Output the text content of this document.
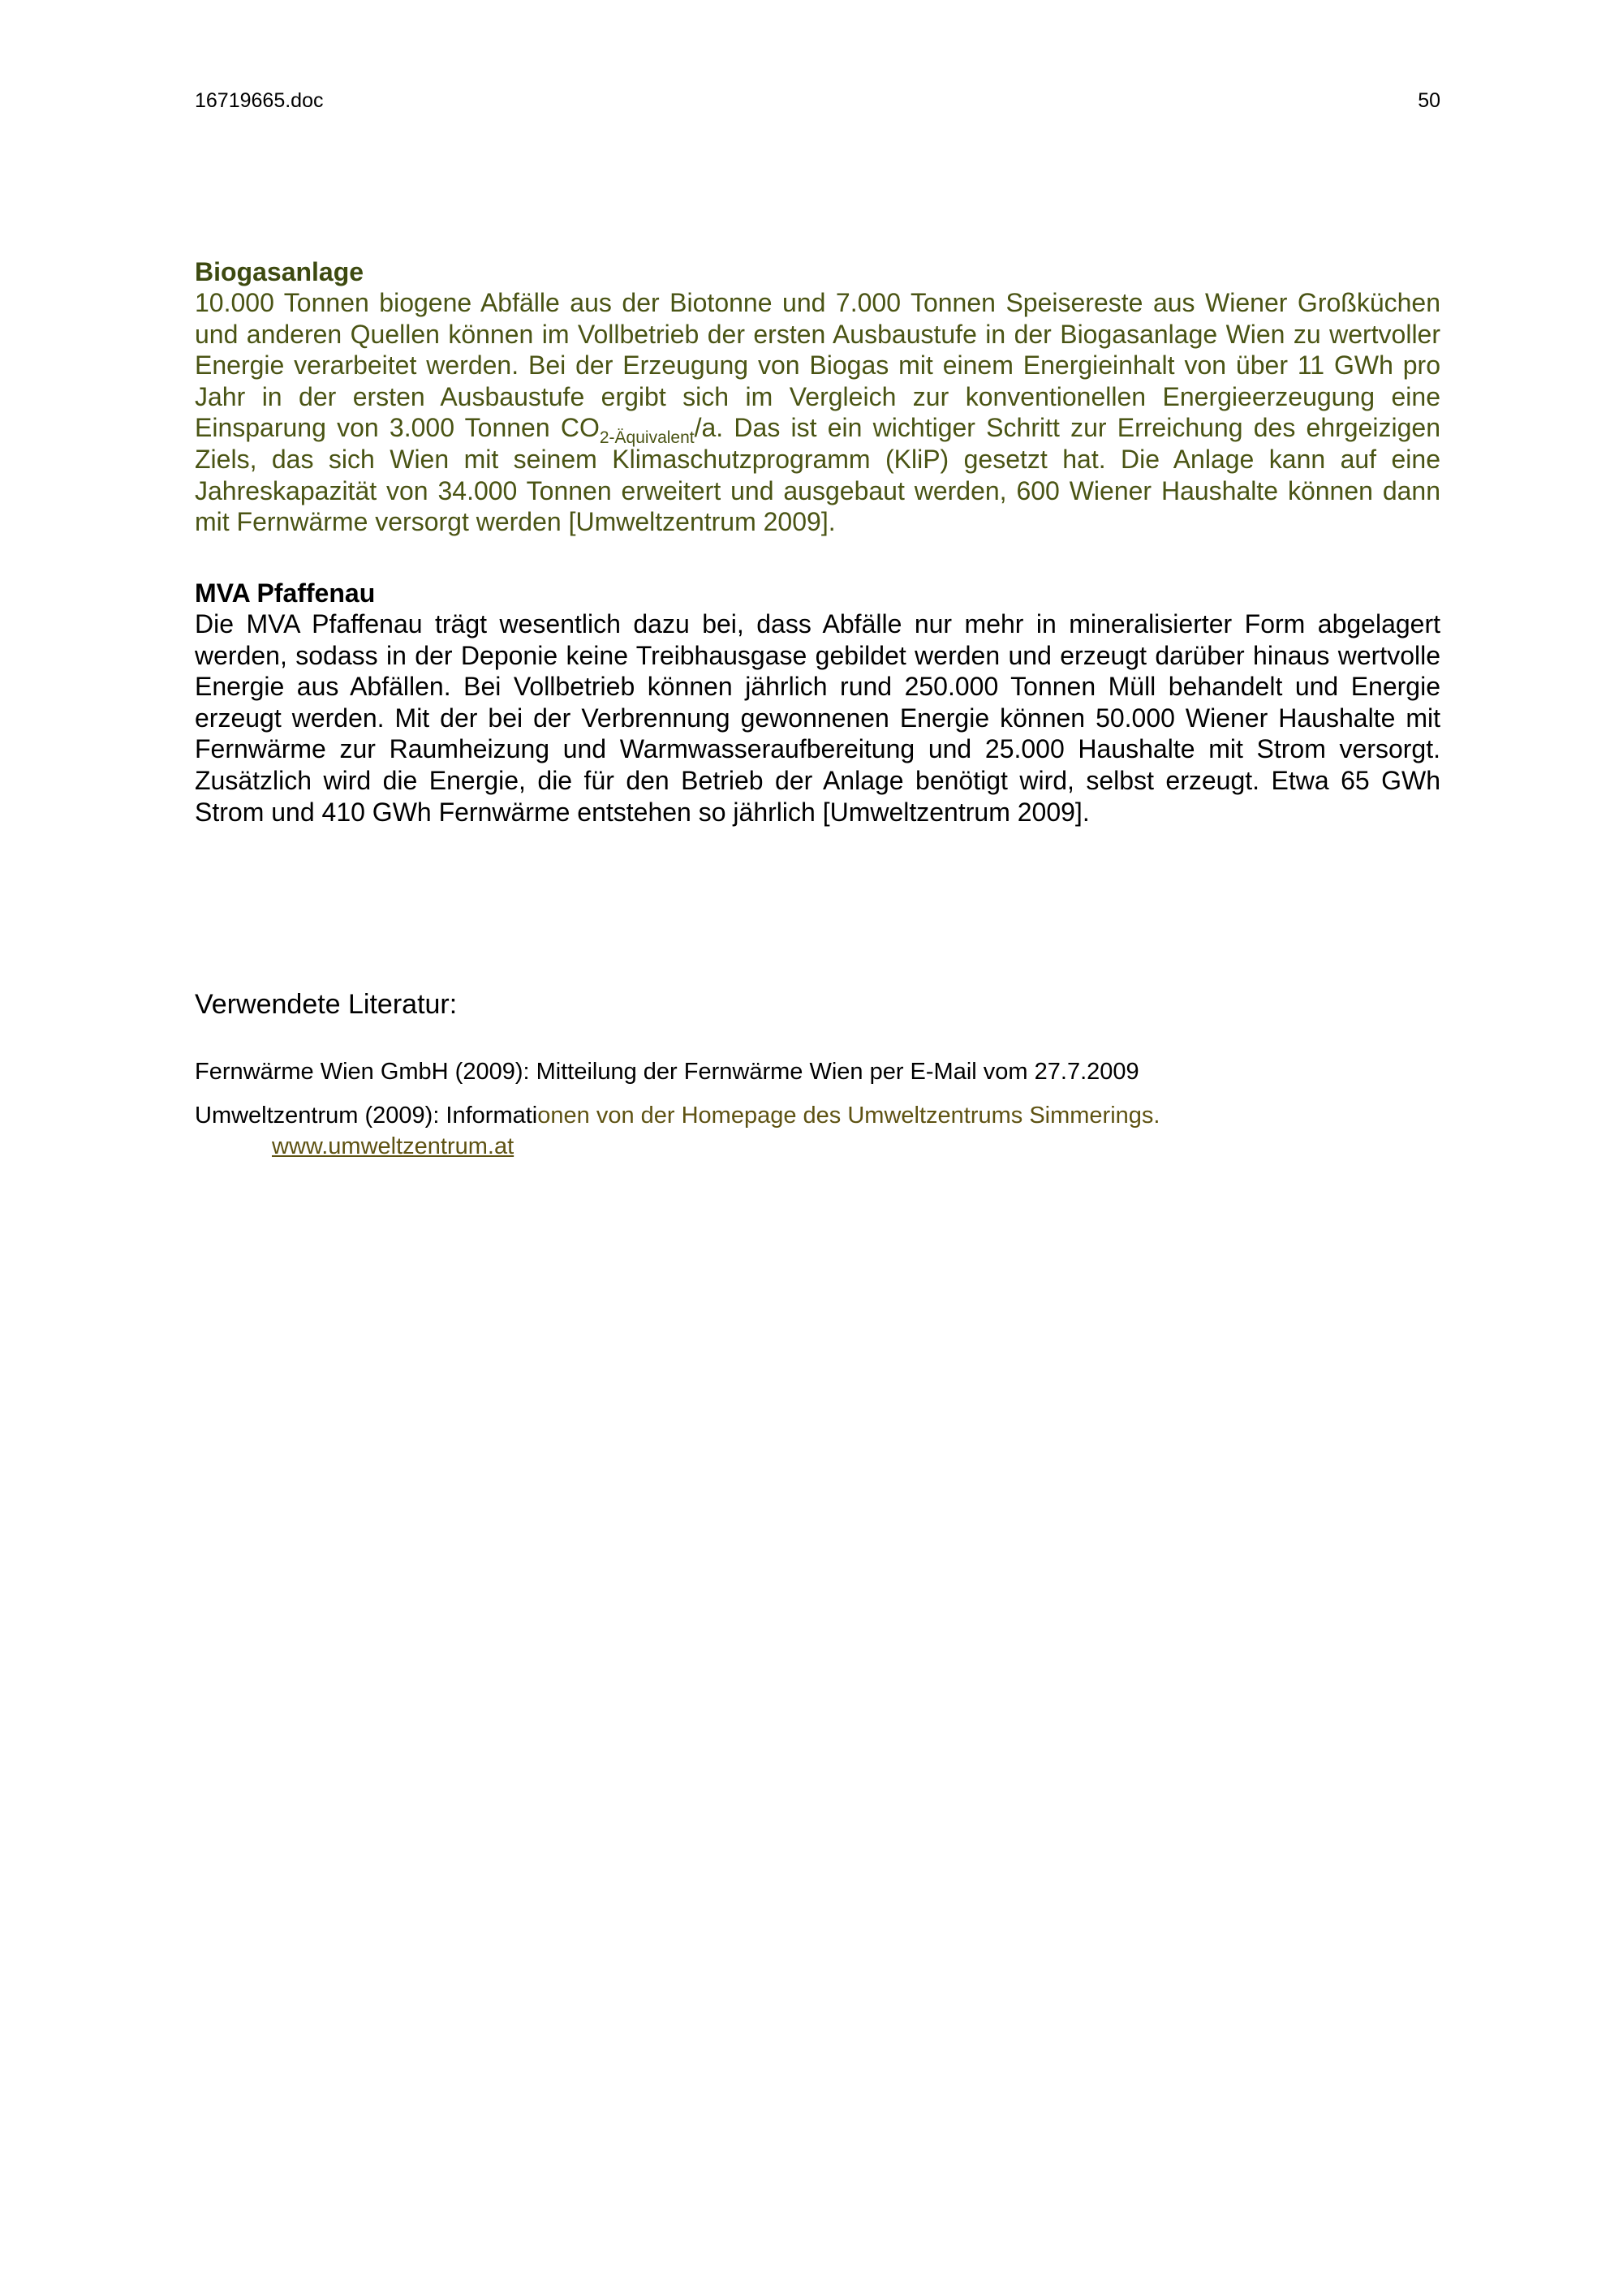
16719665.doc	50
Biogasanlage

10.000 Tonnen biogene Abfälle aus der Biotonne und 7.000 Tonnen Speisereste aus Wiener Großküchen und anderen Quellen können im Vollbetrieb der ersten Ausbaustufe in der Biogasanlage Wien zu wertvoller Energie verarbeitet werden. Bei der Erzeugung von Biogas mit einem Energieinhalt von über 11 GWh pro Jahr in der ersten Ausbaustufe ergibt sich im Vergleich zur konventionellen Energieerzeugung eine Einsparung von 3.000 Tonnen $CO_{2-Äquivalent}/a$. Das ist ein wichtiger Schritt zur Erreichung des ehrgeizigen Ziels, das sich Wien mit seinem Klimaschutzprogramm (KliP) gesetzt hat. Die Anlage kann auf eine Jahreskapazität von 34.000 Tonnen erweitert und ausgebaut werden, 600 Wiener Haushalte können dann mit Fernwärme versorgt werden [Umweltzentrum 2009].

MVA Pfaffenau

Die MVA Pfaffenau trägt wesentlich dazu bei, dass Abfälle nur mehr in mineralisierter Form abgelagert werden, sodass in der Deponie keine Treibhausgase gebildet werden und erzeugt darüber hinaus wertvolle Energie aus Abfällen. Bei Vollbetrieb können jährlich rund 250.000 Tonnen Müll behandelt und Energie erzeugt werden. Mit der bei der Verbrennung gewonnenen Energie können 50.000 Wiener Haushalte mit Fernwärme zur Raumheizung und Warmwasseraufbereitung und 25.000 Haushalte mit Strom versorgt. Zusätzlich wird die Energie, die für den Betrieb der Anlage benötigt wird, selbst erzeugt. Etwa 65 GWh Strom und 410 GWh Fernwärme entstehen so jährlich [Umweltzentrum 2009].

Verwendete Literatur:

Fernwärme Wien GmbH (2009): Mitteilung der Fernwärme Wien per E-Mail vom 27.7.2009

Umweltzentrum (2009): Informationen von der Homepage des Umweltzentrums Simmerings.
www.umweltzentrum.at
